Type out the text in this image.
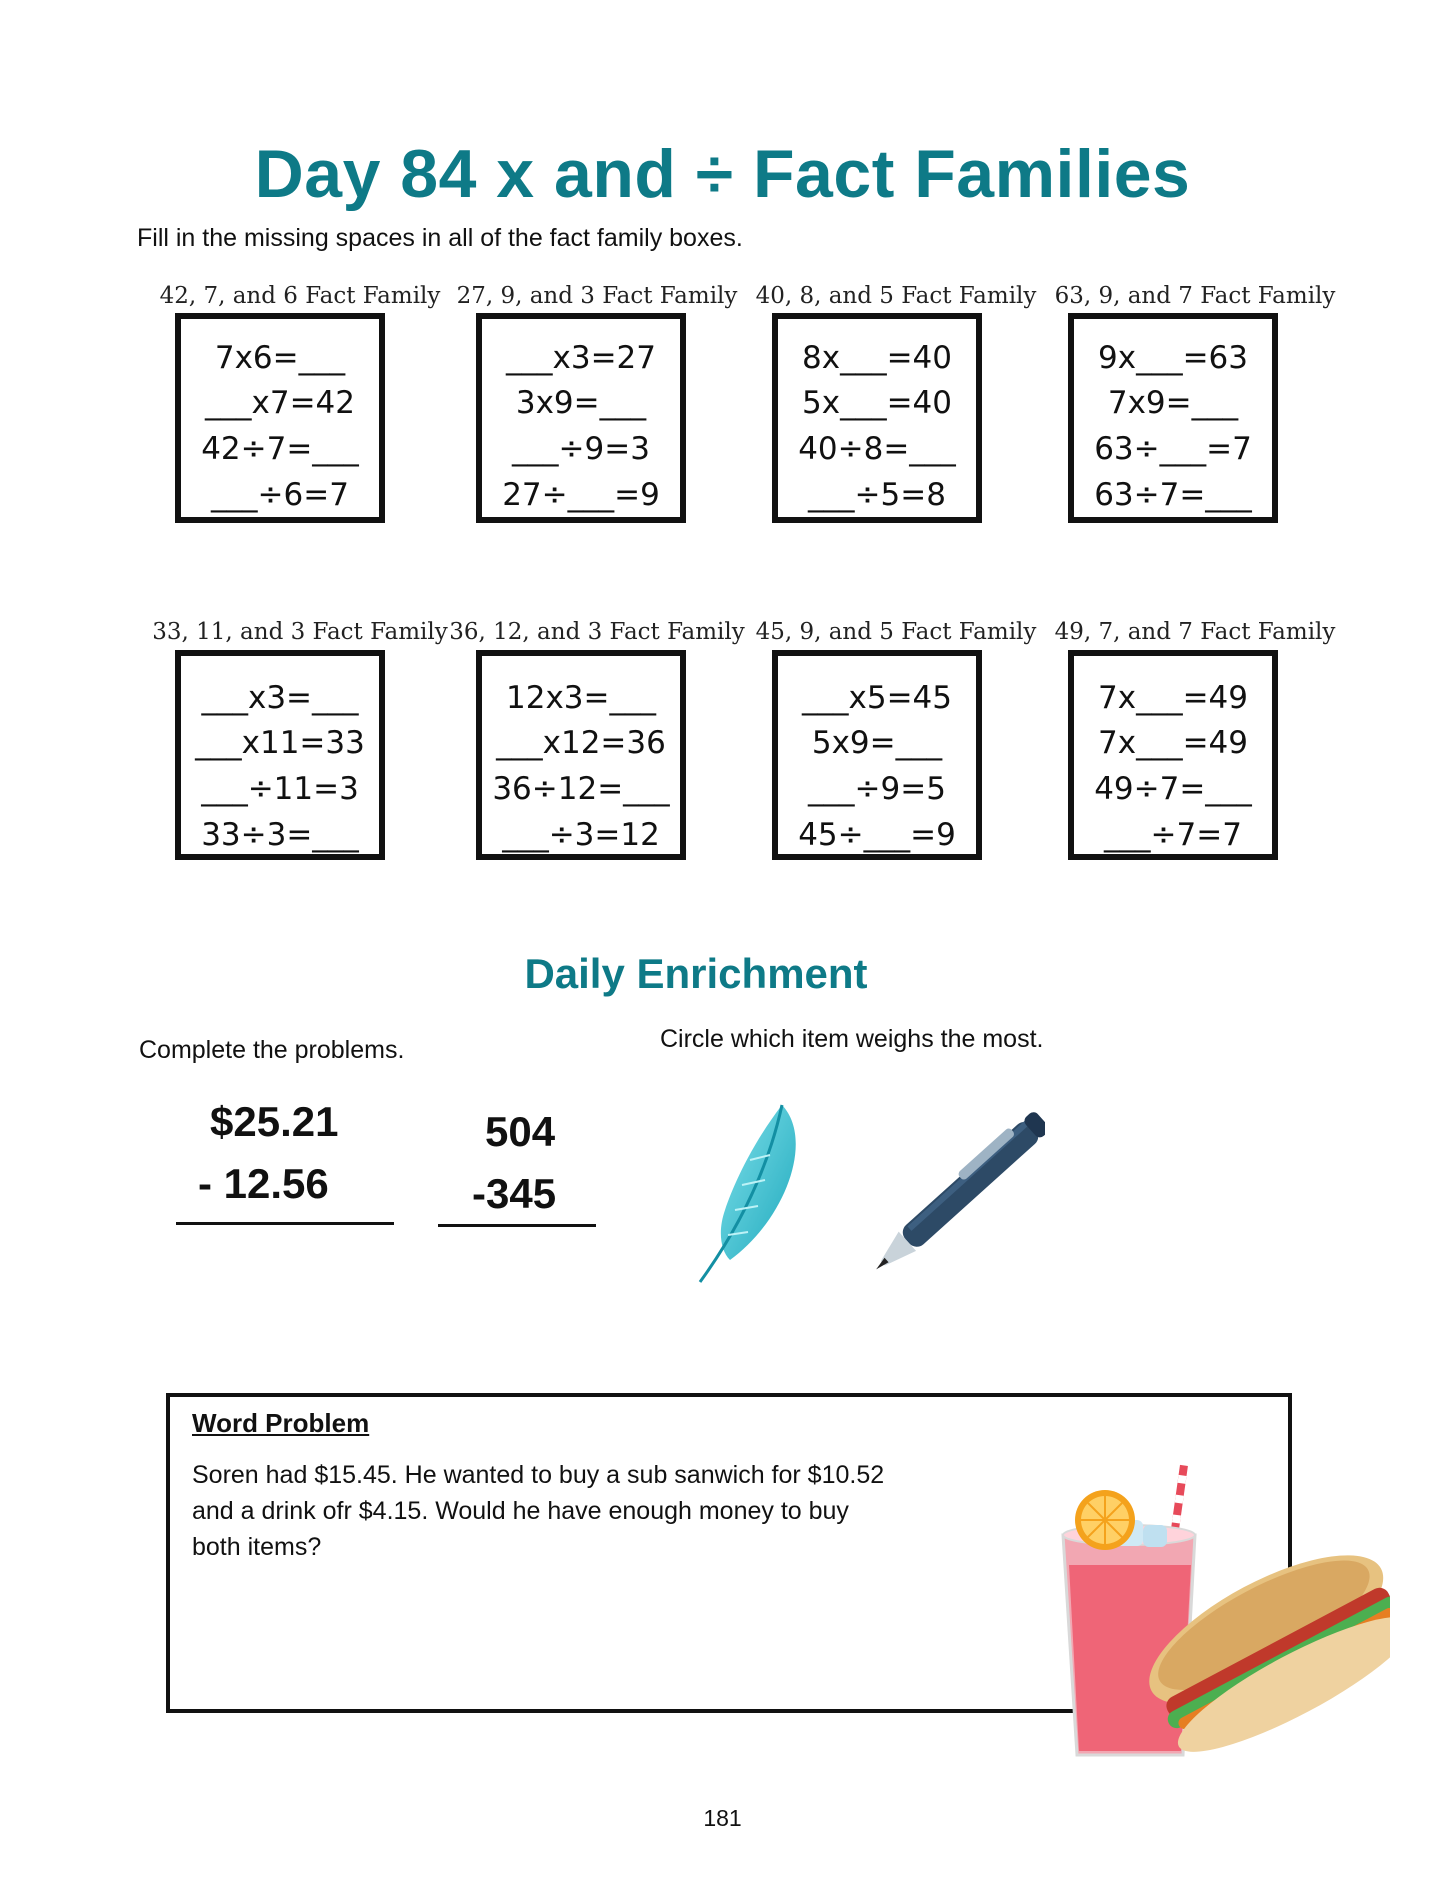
Day 84 x and ÷ Fact Families
Fill in the missing spaces in all of the fact family boxes.
42, 7, and 6 Fact Family
7x6=___
___x7=42
42÷7=___
___÷6=7
27, 9, and 3 Fact Family
___x3=27
3x9=___
___÷9=3
27÷___=9
40, 8, and 5 Fact Family
8x___=40
5x___=40
40÷8=___
___÷5=8
63, 9, and 7 Fact Family
9x___=63
7x9=___
63÷___=7
63÷7=___
33, 11, and 3 Fact Family
___x3=___
___x11=33
___÷11=3
33÷3=___
36, 12, and 3 Fact Family
12x3=___
___x12=36
36÷12=___
___÷3=12
45, 9, and 5 Fact Family
___x5=45
5x9=___
___÷9=5
45÷___=9
49, 7, and 7 Fact Family
7x___=49
7x___=49
49÷7=___
___÷7=7
Daily Enrichment
Complete the problems.	Circle which item weighs the most.
$25.21
- 12.56
504
-345
Word Problem
Soren had $15.45. He wanted to buy a sub sanwich for $10.52 and a drink ofr $4.15. Would he have enough money to buy both items?
181
